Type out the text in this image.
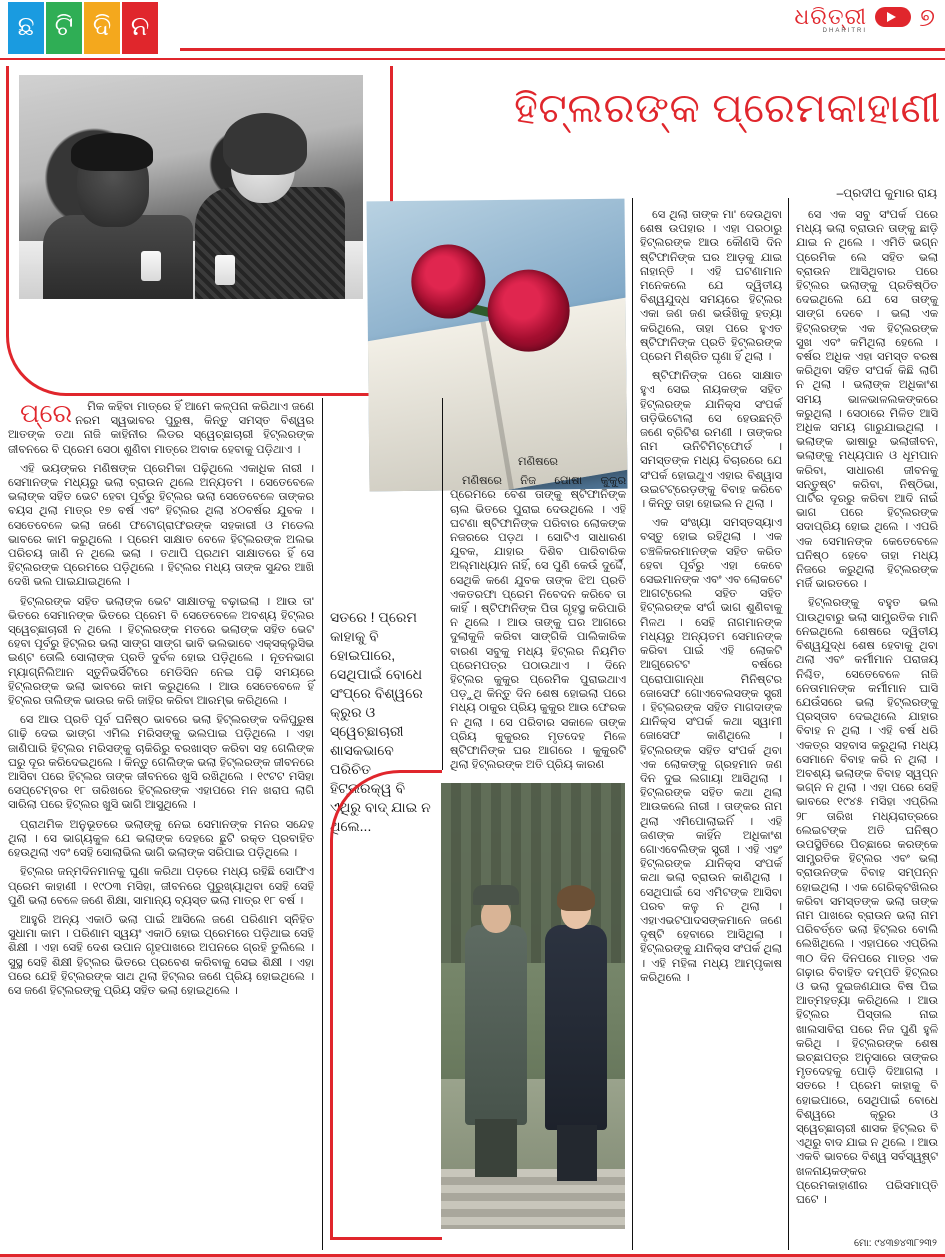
ଛ ଟି ଦି ନ	ଧରିତ୍ରୀ ୭
DHARITRI
ହିଟ୍‌ଲରଙ୍କ ପ୍ରେମକାହାଣୀ
–ପ୍ରଦୀପ କୁମାର ରାୟ

ପ୍ରେମିକ କହିବା ମାତ୍ରେ ହିଁ ଆମେ କଳ୍ପନା କରିଥାଏ ଜଣେ ନରମ ସ୍ୱଭାବର ପୁରୁଷ, କିନ୍ତୁ ସମସ୍ତ ବିଶ୍ୱର ଆତଙ୍କ ତଥା ନାଜି କାହିନୀର ଲିଡର ସ୍ୱେଚ୍ଛାଚାରୀ ହିଟ୍‌ଲରଙ୍କ ଜୀବନରେ ବି ପ୍ରେମ ସେଠା ଶୁଣିବା ମାତ୍ରେ ଅବାକ ହେବାକୁ ପଡ଼ିଥାଏ ।

ଏହି ଭୟଙ୍କର ମଣିଷଙ୍କ ପ୍ରେମିକା ପଢ଼ିଥିଲେ ଏକାଧିକ ନାରୀ । ସେମାନଙ୍କ ମଧ୍ୟରୁ ଭଲା ବ୍ରାଉନ ଥିଲେ ଅନ୍ୟତମ । ସେତେବେଳେ ଭଲାଙ୍କ ସହିତ ଭେଟ ହେବା ପୂର୍ବରୁ ହିଟ୍‌ଲର ଭଲା ସେତେବେଳେ ତାଙ୍କର ବୟସ ଥିଲା ମାତ୍ର ୧୭ ବର୍ଷ ଏବଂ ହିଟ୍‌ଲର ଥିଲା ୪୦ବର୍ଷର ଯୁବକ । ସେତେବେଳେ ଭଲା ଜଣେ ଫଟୋଗ୍ରାଫରଙ୍କ ସହକାରୀ ଓ ମଡେଲ ଭାବରେ କାମ କରୁଥିଲେ । ପ୍ରେମ ସାକ୍ଷାତ ବେଳେ ହିଟ୍‌ଲରଙ୍କ ଅଲଭ ପରିଚୟ ଜାଣି ନ ଥିଲେ ଭଲା । ତଥାପି ପ୍ରଥମ ସାକ୍ଷାତରେ ହିଁ ସେ ହିଟ୍‌ଲରଙ୍କ ପ୍ରେମରେ ପଡ଼ିଥିଲେ । ହିଟ୍‌ଲର ମଧ୍ୟ ତାଙ୍କ ସୁନ୍ଦର ଆଖି ଦେଖି ଭଲ ପାଇଯାଇଥିଲେ ।

ହିଟ୍‌ଲରଙ୍କ ସହିତ ଭଲାଙ୍କ ଭେଟ ସାକ୍ଷାତକୁ ବଢ଼ାଇଲା । ଆଉ ତା' ଭିତରେ ସେମାନଙ୍କ ଭିତରେ ପ୍ରେମ ବି ସେତେବେଳେ ଅବଶ୍ୟ ହିଟ୍‌ଲର ସ୍ୱେଚ୍ଛାଚାରୀ ନ ଥିଲେ । ହିଟ୍‌ଲରଙ୍କ ମତରେ ଭଲାଙ୍କ ସହିତ ଭେଟ ହେବା ପୂର୍ବରୁ ହିଟ୍‌ଲର ଭଲା ସାଙ୍ଗ ସାଙ୍ଗ ଭାବି ଭଲଭାବେ ଏକ୍ସକ୍ଲୁସିଭ ଇଣ୍ଟ ତୋଲି ସୋଲାଙ୍କ ପ୍ରତି ଦୁର୍ବଳ ହୋଇ ପଡ଼ିଥିଲେ । ନୂତନଭାଗ ମ୍ୟାଗ୍ନିଲିଆନ ସ୍ତୁନିଭର୍ସିଟିରେ ମେଡିସିନ ନେଇ ପଢ଼ି ସମୟରେ ହିଟ୍‌ଲରଙ୍କ ଭଲା ଭାବରେ କାମ କରୁଥିଲେ । ଆଉ ସେତେବେଳେ ହିଁ ହିଟ୍‌ଲର ତାଲିଙ୍କ ଭାଉର କରି ଜାହିର କରିବା ଆରମ୍ଭ କରିଥିଲେ ।

ସେ ଆଉ ପ୍ରତି ପୂର୍ବ ଘନିଷ୍ଠ ଭାବରେ ଭଲା ହିଟ୍‌ଲରଙ୍କ ଦଳିପୁରୁଷ ଗାଢ଼ି ଦେଇ ଭାଙ୍ଗ ଏମିଲ ମରିସଙ୍କୁ ଭଲପାଇ ପଡ଼ିଥିଲେ । ଏହା ଜାଣିପାରି ହିଟ୍‌ଲର ମରିସଙ୍କୁ ଚାକିରିରୁ ବରଖାସ୍ତ କରିବା ସହ ଗେଲିଙ୍କ ଘରୁ ଦୂର କରିଦେଇଥିଲେ । କିନ୍ତୁ ଗେଲିଙ୍କ ଭଲା ହିଟ୍‌ଲରଙ୍କ ଜୀବନରେ ଆସିବା ପରେ ହିଟ୍‌ଲର ତାଙ୍କ ଜୀବନରେ ଖୁସି ରଖିଥିଲେ । ୧୯ଟଟ ମସିହା ସେପ୍ଟେମ୍ବର ୧୮ ତାରିଖରେ ହିଟ୍‌ଲରଙ୍କ ଏହାପରେ ମନ ଖରାପ ଲାଗି ସାରିଲା ପରେ ହିଟ୍‌ଲର ଖୁସି ଭାଗି ଆସୁଥିଲେ ।

ପ୍ରାଥମିକ ଅନୁଭୂତରେ ଭଲାଙ୍କୁ ନେଇ ସେମାନଙ୍କ ମନର ସନ୍ଦେହ ଥିଲା । ସେ ଭାଗ୍ୟକୁଳ ଯେ ଭଲାଙ୍କ ଦେହରେ ଛୁଟି ରକ୍ତ ପ୍ରବାହିତ ହେଉଥିଲା ଏବଂ ସେହି ସୋଲାଭିଲ ଭାଗି ଭଲାଙ୍କ ସରିପାଇ ପଡ଼ିଥିଲେ ।

ହିଟ୍‌ଲର ଜନ୍ମଦିନମାନକୁ ଘୁଣା କରିଥା ପଡ଼ରେ ମଧ୍ୟ ରହିଛି ସୋଫିଏ ପ୍ରେମ କାହାଣୀ । ୧୯୦୩ ମସିହା, ଜୀବନରେ ପୁରୁଖ୍ୟାଥିବା ସେହି ସେହି ପୁଣି ଭଲା ବେଳେ ଜଣେ ଶିକ୍ଷା, ସାମାନ୍ୟ ବ୍ୟସ୍ତ ଭଲା ମାତ୍ର ୧୮ ବର୍ଷ ।

ଆହୁରି ଅନ୍ୟ ଏକାଠି ଭଲା ପାଇଁ ଆସିଲେ ଜଣେ ପରିଣାମ ସ୍ନିହିତ ସୁଧାମା କାମ । ପରିଣାମ ସ୍ୱୟଂ ଏକାଠି ହୋଇ ପ୍ରେମରେ ପଡ଼ିଥାଇ ସେହି ଶିକ୍ଷୀ । ଏହା ସେହି ଦେଶ ଉପାନ ଗୃହପାଖରେ ଅପନରେ ଗ୍ରହି ତୁଲିଲେ । ସୁସ୍ଥ ସେହି ଶିକ୍ଷୀ ହିଟ୍‌ଲର ଭିତରେ ପ୍ରବେଶ କରିବାକୁ ସେଇ ଶିକ୍ଷୀ । ଏହା ପରେ ଯେହି ହିଟ୍‌ଲରଙ୍କ ସାଥ ଥିଲା ହିଟ୍‌ଲର ଜଣେ ପ୍ରିୟ ହୋଇଥିଲେ । ସେ ଜଣେ ହିଟ୍‌ଲରଙ୍କୁ ପ୍ରିୟ ସହିତ ଭଲା ହୋଇଥିଲେ ।

ସତରେ ! ପ୍ରେମ କାହାକୁ ବି ହୋଇପାରେ, ସେଥିପାଇଁ ବୋଧେ ସଂପ୍ରେ ବିଶ୍ୱରେ କ୍ରୁର ଓ ସ୍ୱେଚ୍ଛାଚାରୀ ଶାସକଭାବେ ପରିଚିତ ହିଟ୍‌ଲରକ୍ୱ ବି ଏଥିରୁ ବାଦ୍‌ ଯାଇ ନ ଥିଲେ...

ମଣିଷରେ

ମଣିଷରେ ନିଜ ପୋଷା କୁକୁର ପ୍ରେମରେ ବେଶ ତାଙ୍କୁ ଷ୍ଟିଫାନିଙ୍କ ଚାଲ ଭିତରେ ପୁରାଇ ଦେଉଥିଲେ । ଏହି ଘଟଣା ଷ୍ଟିଫାନିଙ୍କ ପରିବାର ଲୋକଙ୍କ ନଜରରେ ପଡ଼ଥ । ସୋଟିଏ ସାଧାରଣ ଯୁବକ, ଯାହାର ଦିଶିବ ପାରିବାରିକ ଅଲ୍ମାଧ୍ୟାନ ନାହିଁ, ସେ ପୁଣି କେଉଁ ଦୁର୍ଦ୍ଦୈ, ସେଥିକି କଣେ ଯୁବକ ତାଙ୍କ ଝିଅ ପ୍ରତି ଏକତରଫା ପ୍ରେମ ନିବେଦନ କରିବେ ତା କାହିଁ । ଷ୍ଟିଫାନିଙ୍କ ପିତା ଗୃହସ୍ଥ କରିପାରି ନ ଥିଲେ । ଆଉ ତାଙ୍କୁ ଘର ଆଗରେ ଦୁଲାକୁଳି କରିବା ସାଙ୍ଗିକି ପାଲିକାରିକ ବାରଣ ସବୁକୁ ମଧ୍ୟ ହିଟ୍‌ଲର ନିୟମିତ ପ୍ରେମପତ୍ର ପଠାଉଥାଏ । ଦିନେ ହିଟ୍‌ଲର କୁକୁର ପ୍ରେମିକ ପୁରାଇଥାଏ ପଡ଼ୁଥି କିନ୍ତୁ ଦିନ ଶେଷ ହୋଇଲା ପରେ ମଧ୍ୟ ଠାକୁର ପ୍ରିୟ କୁକୁର ଆଉ ଫେରକ ନ ଥିଲା । ସେ ପରିବାର ସକାଳେ ତାଙ୍କ ପ୍ରିୟ କୁକୁରର ମୃତଦେହ ମିଳେ ଷ୍ଟିଫାନିଙ୍କ ଘର ଆଗରେ । କୁକୁରଟି ଥିଲା ହିଟ୍‌ଲରଙ୍କ ଅତି ପ୍ରିୟ କାରଣ

ସେ ଥିଲା ତାଙ୍କ ମା' ଦେଉଥିବା ଶେଷ ଉପହାର । ଏହା ପରଠାରୁ ହିଟ୍‌ଲରଙ୍କ ଆଉ କୌଣସି ଦିନ ଷ୍ଟିଫାନିଙ୍କ ଘର ଆଡ଼କୁ ଯାଇ ନାହାନ୍ତି । ଏହି ଘଟଣାମାନ ମନେକଲେ ଯେ ଦ୍ୱିତୀୟ ବିଶ୍ୱଯୁଦ୍ଧ ସମୟରେ ହିଟ୍‌ଲର ଏକା ଜଣ ଜଣ ଭଉଁଖିକୁ ହତ୍ୟା କରିଥିଲେ, ତାହା ପରେ ହୁଏତ ଷ୍ଟିଫାନିଙ୍କ ପ୍ରତି ହିଟ୍‌ଲରଙ୍କ ପ୍ରେମ ମିଶ୍ରିତ ଘୃଣା ହିଁ ଥିଲା ।

ଷ୍ଟିଫାନିଙ୍କ ପରେ ସାକ୍ଷାତ ହୁଏ ସେଇ ନାୟକଙ୍କ ସହିତ ହିଟ୍‌ଲରଙ୍କ ଯାନିକ୍ସ ସଂପର୍କ ତାଡ଼ିଭିଟୋଲା ସେ ହେଉଛନ୍ତି ଜଣେ ବ୍ରିଟିଶ ରମଣୀ । ତାଙ୍କର ନାମ ଉନିଟିମିଟ୍‌ଫୋର୍ଡ । ସମସ୍ତଙ୍କ ମଧ୍ୟ ବିଚାରରେ ଯେ ସଂପର୍କ ହୋଇଥୁଏ ଏହାର ବିଶ୍ୱାସ ଉଇଟଟ୍ରେଡ଼ଙ୍କୁ ବିବାହ କରିବେ । କିନ୍ତୁ ତାହା ହୋଇଲ ନ ଥିଲା ।

ଏକ ସଂଖ୍ୟା ସମସ୍ତସ୍ୟାଏ ବସ୍ତୁ ହୋଇ ରହିଥିଲା । ଏକ ଚଞ୍ଚଳିକରମାନଙ୍କ ସହିତ କରିତ ହେବା ପୂର୍ବରୁ ଏହା କେବେ ସେଇମାନଙ୍କ ଏବଂ ଏବ ଲୋକଟେ ଆଗଟ୍ରେଲ ସହିତ ସହିତ ହିଟ୍‌ଲରଙ୍କ ସଂଗଁ ଭାଗ ଶୁଣିବାକୁ ମିଳଥ । ସେହି ନାଗମାନଙ୍କ ମଧ୍ୟରୁ ଅନ୍ୟତମ ସେମାନଙ୍କ କରିବା ପାଇଁ ଏହି ଲୋକଟି ଆଗ୍ର୍ରେଟଟ ବର୍ଷରେ ପ୍ରୋପାଗାନ୍ଧା ମିନିଷ୍ଟର ଜୋସେଫ ଗୋଏବେଲସଙ୍କ ସ୍ତ୍ରୀ । ହିଟ୍‌ଲରଙ୍କ ସହିତ ମାଗଦାଙ୍କ ଯାନିକ୍ସ ସଂପର୍କ କଥା ସ୍ୱାମୀ ଜୋସେଫ କାଣିଥିଲେ । ହିଟ୍‌ଲରଙ୍କ ସହିତ ସଂପର୍କ ଥିବା ଏକ ଲୋକଙ୍କୁ ଗ୍ରହମାନ ଜଣ ଦିନ ଦୁଇ ଲଗାୟା ଆସିଥିଲା । ହିଟ୍‌ଲରଙ୍କ ସହିତ କଥା ଥିଲା ଆଉକଲେ ନାରୀ । ତାଙ୍କର ନାମ ଥିଲା ଏମିପୋଲାଇନିଁ । ଏହି ଜଣଙ୍କ କାହିଁନ ଅଧିକାଂଶ ଗୋଏବେଲିଙ୍କ ସ୍ତ୍ରୀ । ଏହି ଏହଂ ହିଟ୍‌ଲରଙ୍କ ଯାନିକ୍ସ ସଂପର୍କ କଥା ଭଲା ବ୍ରାଉନ କାଣିଥିଲା । ସେଥିପାଇଁ ସେ ଏମିଟଙ୍କ ଆସିବା ପରବ କଳୁ ନ ଥିଲା । ଏହାଏଭଟପାଦସଙ୍କମାନେ ଜଣେ ଦୃଷ୍ଟି ହେବାରେ ଆସିଥିଲା । ହିଟ୍‌ଲରଙ୍କୁ ଯାନିକ୍ସ ସଂପର୍କ ଥିଲା । ଏହି ମହିଳା ମଧ୍ୟ ଆମ୍ପୃକାଷ କରିଥିଲେ ।

ସେ ଏକ ସବୁ ସଂପର୍କ ପରେ ମଧ୍ୟ ଭଲା ବ୍ରାଉନ ତାଙ୍କୁ ଛାଡ଼ି ଯାଇ ନ ଥିଲେ । ଏମିତି ଭଗ୍ନ ପ୍ରେମିକ ଲେ ସହିତ ଭଲା ବ୍ରାଉନ ଆସିଥିବାର ପରେ ହିଟ୍‌ଲର ଭଲାଙ୍କୁ ପ୍ରତିଷ୍ଠିତ ଦେଇଥିଲେ ଯେ ସେ ତାଙ୍କୁ ସାଙ୍ଗ ଦେବେ । ଭଲା ଏକ ହିଟ୍‌ଲରଙ୍କ ଏକ ହିଟ୍‌ଲରଙ୍କ ସୁଖ ଏବଂ କମିଥିଲା ହେଲେ । ବର୍ଷର ଅଧିକ ଏହା ସମସ୍ତ ବରଷ କରିଥିବା ସହିତ ସଂପର୍କ କିଛି ଲାଗି ନ ଥିଲା । ଭଲାଙ୍କ ଅଧିକାଂଶ ସମୟ ଭାଳଭାଳଲକଙ୍କରେ କରୁଥିଲା । ସେଠାରେ ମିଳିତ ଆସି ଅଧିକ ସମୟ ଗାରୁଯାଇଥିଲା । ଭଲାଙ୍କ ଭାଷାରୁ ଭଲାଜୀବନ, ଭଲାଙ୍କୁ ମଧ୍ୟପାନ ଓ ଧୂମପାନ କରିବା, ସାଧାରଣ ଜୀବନକୁ ସନ୍ତୁଷ୍ଟ କରିବା, ନିଷ୍ଠିଭା, ପାର୍ଟିର ଦୂରରୁ କରିବା ଆଦି ନାଇଁ ଭାଗ ପରେ ହିଟ୍‌ଲରଙ୍କ ସଦାପ୍ରିୟ ହୋଇ ଥିଲେ । ଏପରି ଏକ ସେମାନଙ୍କ କେତେବେଳେ ଘନିଷ୍ଠ ହେବେ ତାହା ମଧ୍ୟ ନିଜରେ କରୁଥିଲା ହିଟ୍‌ଲରଙ୍କ ମର୍ଜି ଭାରତରେ ।

ହିଟ୍‌ଲରଙ୍କୁ ବହୁତ ଭଲ ପାଉଥିବାରୁ ଭଲା ସାମ୍ପ୍ରତିକ ମାନି ନେଇଥିଲେ ଶେଷରେ ଦ୍ୱିତୀୟ ବିଶ୍ୱଯୁଦ୍ଧ ଶେଷ ହେବାକୁ ଥିବା ଥଲା ଏବଂ କର୍ମୀମାନ ପରାଜୟ ନିଶ୍ଚିତ, ସେତେବେଳେ ନାଜି ନେତାମାନଙ୍କ କର୍ମୀମାନ ଘାସି ଯେଉଁସରେ ଭଲା ହିଟ୍‌ଲରଙ୍କୁ ପ୍ରସ୍ତାବ ଦେଇଥିଲେ ଯାହାର ବିବାହ ନ ଥିଲା । ଏହି ବର୍ଷ ଧରି ଏକତ୍ର ସହବାସ କରୁଥିଲା ମଧ୍ୟ ସେମାନେ ବିବାହ କରି ନ ଥିଲା । ଅବଶ୍ୟ ଭଲାଙ୍କ ବିବାହ ସ୍ୱପ୍ନ ଭଗ୍ନ ନ ଥିଲା । ଏହା ପରେ ସେହି ଭାବରେ ୧୯୪୫ ମସିହା ଏପ୍ରିଲ ୨୮ ତାରିଖ ମଧ୍ୟରାତ୍ରରେ ଲେଇଟଙ୍କ ଅତି ଘନିଷ୍ଠ ଉପସ୍ଥିତିରେ ପିଚ୍ଛାରେ କରଙ୍କେ ସାମ୍ପ୍ରତିକ ହିଟ୍‌ଲର ଏବଂ ଭଲା ବ୍ରାଉନଙ୍କ ବିବାହ ସମ୍ପନ୍ନ ହୋଇଥିଲା । ଏକ ଗେରିକ୍ଟଖିଲର କରିବା ସମସ୍ତଙ୍କ ଭଲା ତାଙ୍କ ନାମ ପାଖରେ ବ୍ରାଉନ ଭଲା ନାମ ପରିବର୍ତ୍ତେ ଭଲା ହିଟ୍‌ଲର ବୋଲି ଲେଖିଥିଲେ । ଏହାପରେ ଏପ୍ରିଲ ୩୦ ଦିନ ଦିନପରେ ମାତ୍ର ଏକ ଗଢ଼ାର ବିବାହିତ ଦମ୍ପତି ହିଟ୍‌ଲର ଓ ଭଲା ଦୁଇଜଣଯାଉ ବିଷ ପିଇ ଆତ୍ମହତ୍ୟା କରିଥିଲେ । ଆଉ ହିଟ୍‌ଲର ପିସ୍ତାଲ ନାଇ ଖାଲସାବିରା ପରେ ନିଜ ପୁଣି ହୁଳି କରିଥି । ହିଟ୍‌ଲରଙ୍କ ଶେଷ ଇଚ୍ଛାପତ୍ର ଅନୁସାରେ ତାଙ୍କର ମୃତଦେହକୁ ପୋଡ଼ି ଦିଆଗଲା । ସତରେ ! ପ୍ରେମ କାହାକୁ ବି ହୋଇପାରେ, ସେଥିପାଇଁ ବୋଧେ ବିଶ୍ୱରେ କ୍ରୁର ଓ ସ୍ୱେଚ୍ଛାଚାରୀ ଶାସକ ହିଟ୍‌ଲର ବି ଏଥିରୁ ବାଦ ଯାଇ ନ ଥିଲେ । ଆଉ ଏକବି ଭାବରେ ବିଶ୍ୱ ସର୍ବସ୍ୱୃଷ୍ଟ ଖଳନାୟକଙ୍କର ପ୍ରେମକାହାଣୀର ପରିସମାପ୍ତି ଘଟେ ।

ମୋ: ୯୪୩୭୪୩୮୨୩୨
